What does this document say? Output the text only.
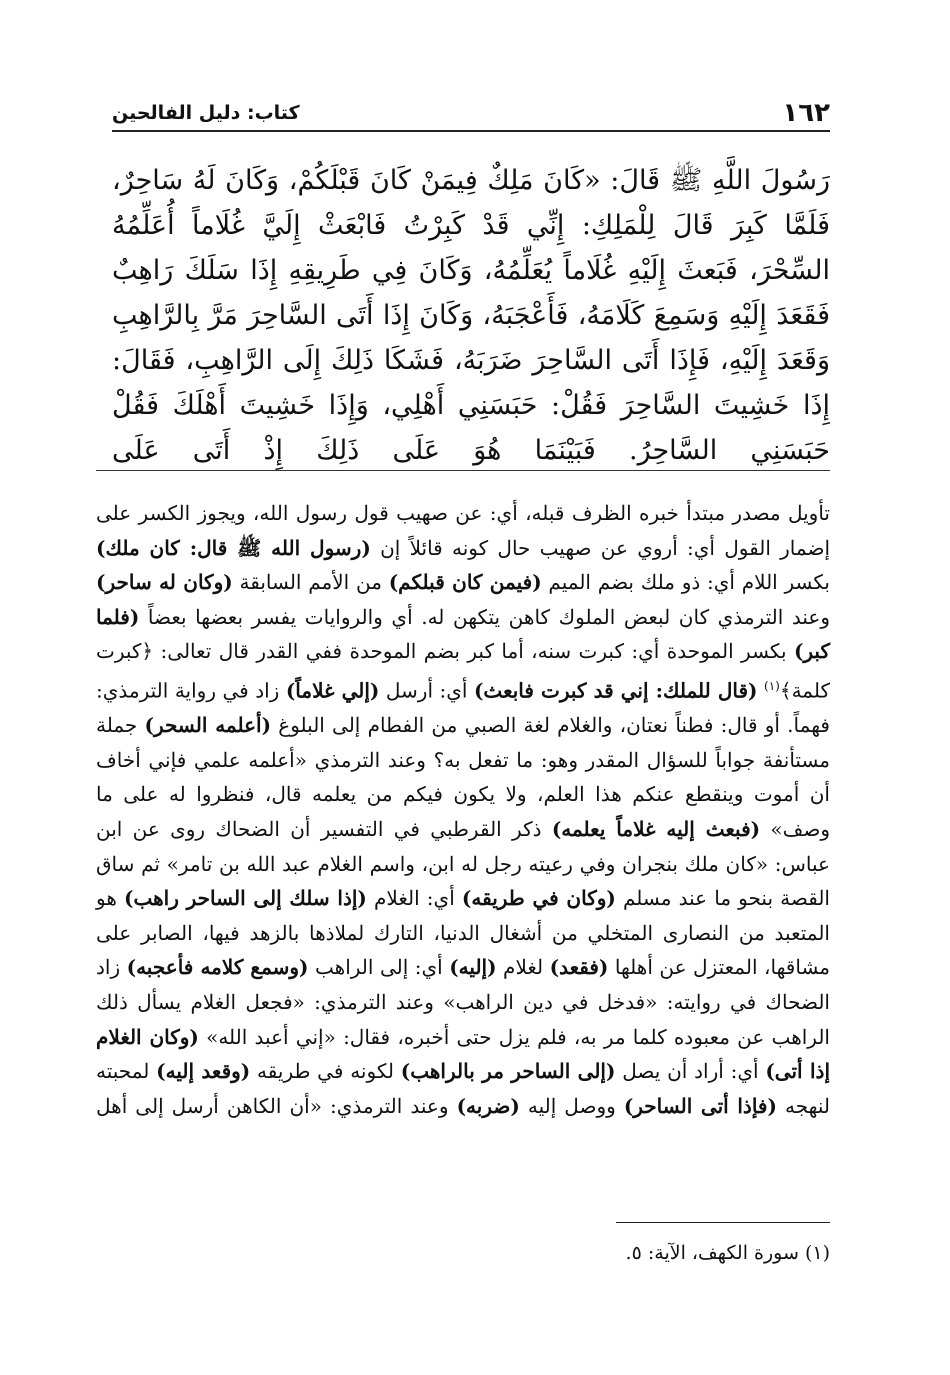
١٦٢
كتاب: دليل الفالحين

رَسُولَ اللَّهِ ﷺ قَالَ: «كَانَ مَلِكٌ فِيمَنْ كَانَ قَبْلَكُمْ، وَكَانَ لَهُ سَاحِرٌ، فَلَمَّا كَبِرَ قَالَ لِلْمَلِكِ: إِنِّي قَدْ كَبِرْتُ فَابْعَثْ إِلَيَّ غُلَاماً أُعَلِّمُهُ السِّحْرَ، فَبَعثَ إِلَيْهِ غُلَاماً يُعَلِّمُهُ، وَكَانَ فِي طَرِيقِهِ إِذَا سَلَكَ رَاهِبٌ فَقَعَدَ إِلَيْهِ وَسَمِعَ كَلَامَهُ، فَأَعْجَبَهُ، وَكَانَ إِذَا أَتَى السَّاحِرَ مَرَّ بِالرَّاهِبِ وَقَعَدَ إِلَيْهِ، فَإِذَا أَتَى السَّاحِرَ ضَرَبَهُ، فَشَكَا ذَلِكَ إِلَى الرَّاهِبِ، فَقَالَ: إِذَا خَشِيتَ السَّاحِرَ فَقُلْ: حَبَسَنِي أَهْلِي، وَإِذَا خَشِيتَ أَهْلَكَ فَقُلْ حَبَسَنِي السَّاحِرُ. فَبَيْنَمَا هُوَ عَلَى ذَلِكَ إِذْ أَتَى عَلَى

تأويل مصدر مبتدأ خبره الظرف قبله، أي: عن صهيب قول رسول الله، ويجوز الكسر على إضمار القول أي: أروي عن صهيب حال كونه قائلاً إن (رسول الله ﷺ قال: كان ملك) بكسر اللام أي: ذو ملك بضم الميم (فيمن كان قبلكم) من الأمم السابقة (وكان له ساحر) وعند الترمذي كان لبعض الملوك كاهن يتكهن له. أي والروايات يفسر بعضها بعضاً (فلما كبر) بكسر الموحدة أي: كبرت سنه، أما كبر بضم الموحدة ففي القدر قال تعالى: ﴿كبرت كلمة﴾$^{(١)}$ (قال للملك: إني قد كبرت فابعث) أي: أرسل (إلي غلاماً) زاد في رواية الترمذي: فهماً. أو قال: فطناً نعتان، والغلام لغة الصبي من الفطام إلى البلوغ (أعلمه السحر) جملة مستأنفة جواباً للسؤال المقدر وهو: ما تفعل به؟ وعند الترمذي «أعلمه علمي فإني أخاف أن أموت وينقطع عنكم هذا العلم، ولا يكون فيكم من يعلمه قال، فنظروا له على ما وصف» (فبعث إليه غلاماً يعلمه) ذكر القرطبي في التفسير أن الضحاك روى عن ابن عباس: «كان ملك بنجران وفي رعيته رجل له ابن، واسم الغلام عبد الله بن تامر» ثم ساق القصة بنحو ما عند مسلم (وكان في طريقه) أي: الغلام (إذا سلك إلى الساحر راهب) هو المتعبد من النصارى المتخلي من أشغال الدنيا، التارك لملاذها بالزهد فيها، الصابر على مشاقها، المعتزل عن أهلها (فقعد) لغلام (إليه) أي: إلى الراهب (وسمع كلامه فأعجبه) زاد الضحاك في روايته: «فدخل في دين الراهب» وعند الترمذي: «فجعل الغلام يسأل ذلك الراهب عن معبوده كلما مر به، فلم يزل حتى أخبره، فقال: «إني أعبد الله» (وكان الغلام إذا أتى) أي: أراد أن يصل (إلى الساحر مر بالراهب) لكونه في طريقه (وقعد إليه) لمحبته لنهجه (فإذا أتى الساحر) ووصل إليه (ضربه) وعند الترمذي: «أن الكاهن أرسل إلى أهل

(١) سورة الكهف، الآية: ٥.
